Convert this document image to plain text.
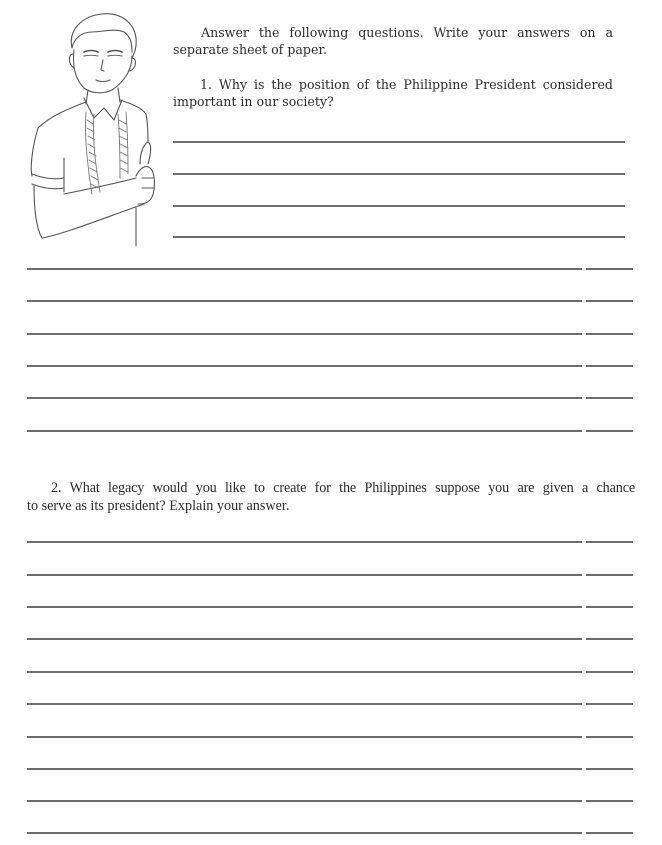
Answer the following questions. Write your answers on a
separate sheet of paper.
1. Why is the position of the Philippine President considered
important in our society?
2. What legacy would you like to create for the Philippines suppose you are given a chance
to serve as its president? Explain your answer.
